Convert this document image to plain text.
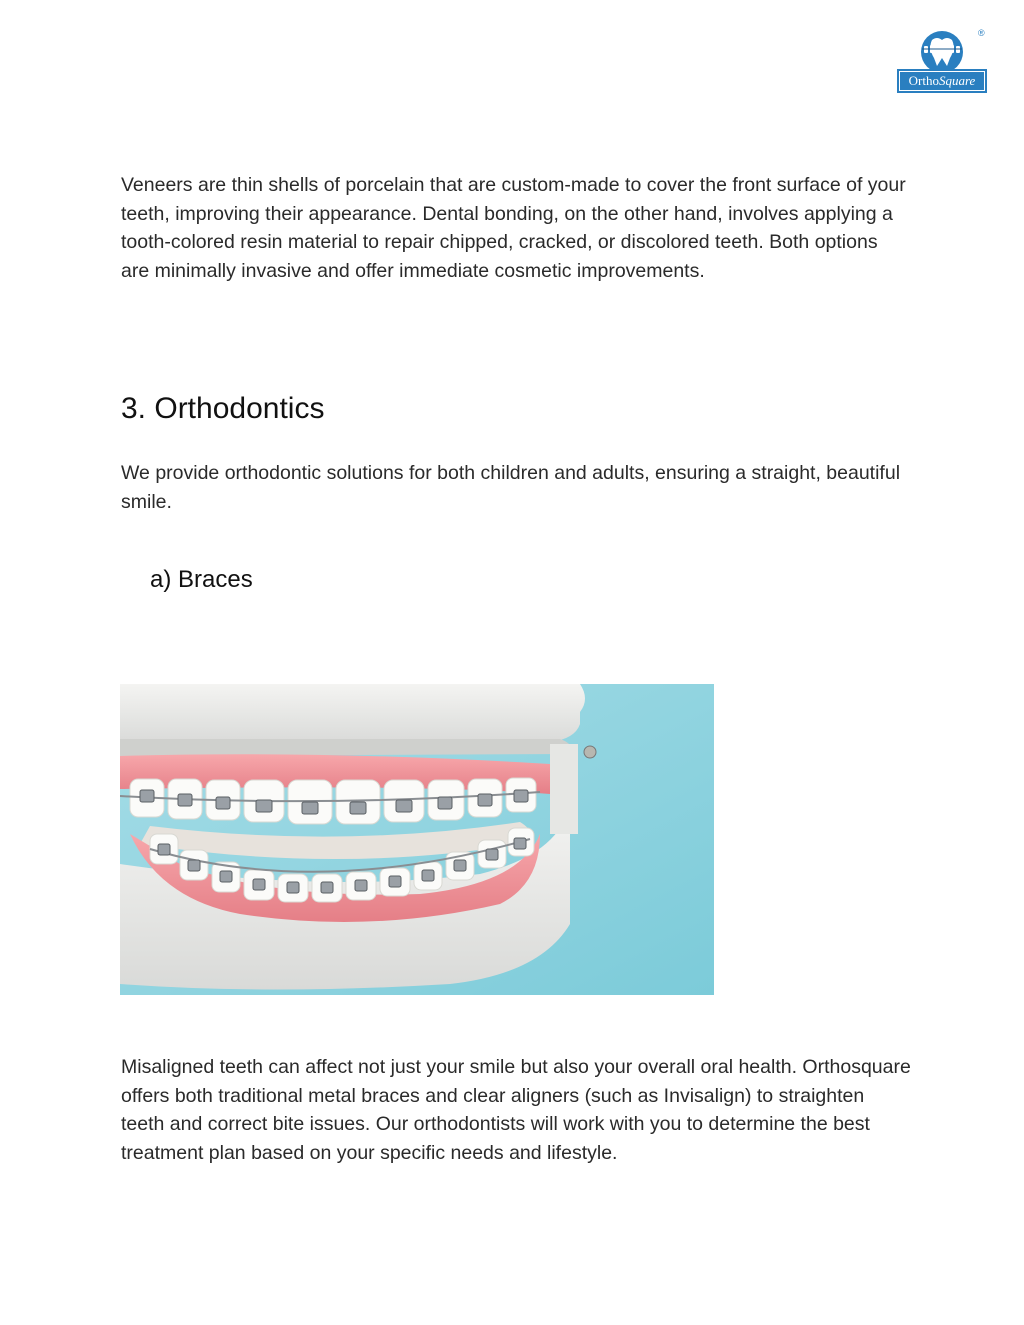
OrthoSquare
®

Veneers are thin shells of porcelain that are custom-made to cover the front surface of your teeth, improving their appearance. Dental bonding, on the other hand, involves applying a tooth-colored resin material to repair chipped, cracked, or discolored teeth. Both options are minimally invasive and offer immediate cosmetic improvements.

3. Orthodontics

We provide orthodontic solutions for both children and adults, ensuring a straight, beautiful smile.

a) Braces

Misaligned teeth can affect not just your smile but also your overall oral health. Orthosquare offers both traditional metal braces and clear aligners (such as Invisalign) to straighten teeth and correct bite issues. Our orthodontists will work with you to determine the best treatment plan based on your specific needs and lifestyle.
